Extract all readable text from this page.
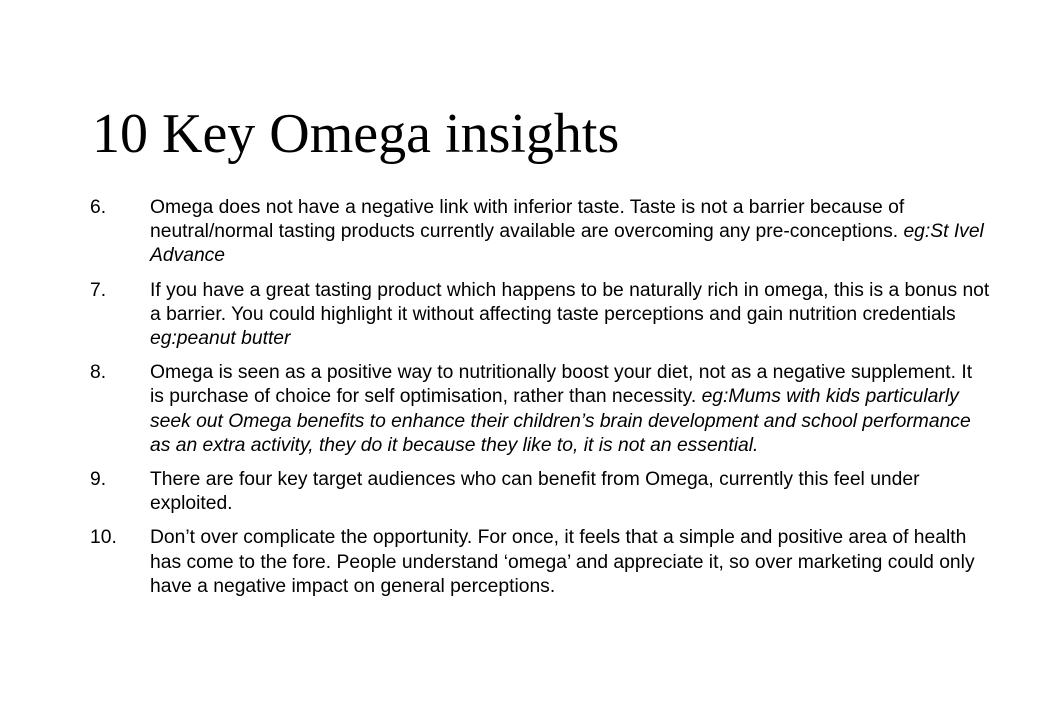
10 Key Omega insights
6.	Omega does not have a negative link with inferior taste. Taste is not a barrier because of neutral/normal tasting products currently available are overcoming any pre-conceptions. eg:St Ivel Advance
7.	If you have a great tasting product which happens to be naturally rich in omega, this is a bonus not a barrier. You could highlight it without affecting taste perceptions and gain nutrition credentials eg:peanut butter
8.	Omega is seen as a positive way to nutritionally boost your diet, not as a negative supplement. It is purchase of choice for self optimisation, rather than necessity. eg:Mums with kids particularly seek out Omega benefits to enhance their children’s brain development and school performance as an extra activity, they do it because they like to, it is not an essential.
9.	There are four key target audiences who can benefit from Omega, currently this feel under exploited.
10.	Don’t over complicate the opportunity. For once, it feels that a simple and positive area of health has come to the fore. People understand ‘omega’ and appreciate it, so over marketing could only have a negative impact on general perceptions.
